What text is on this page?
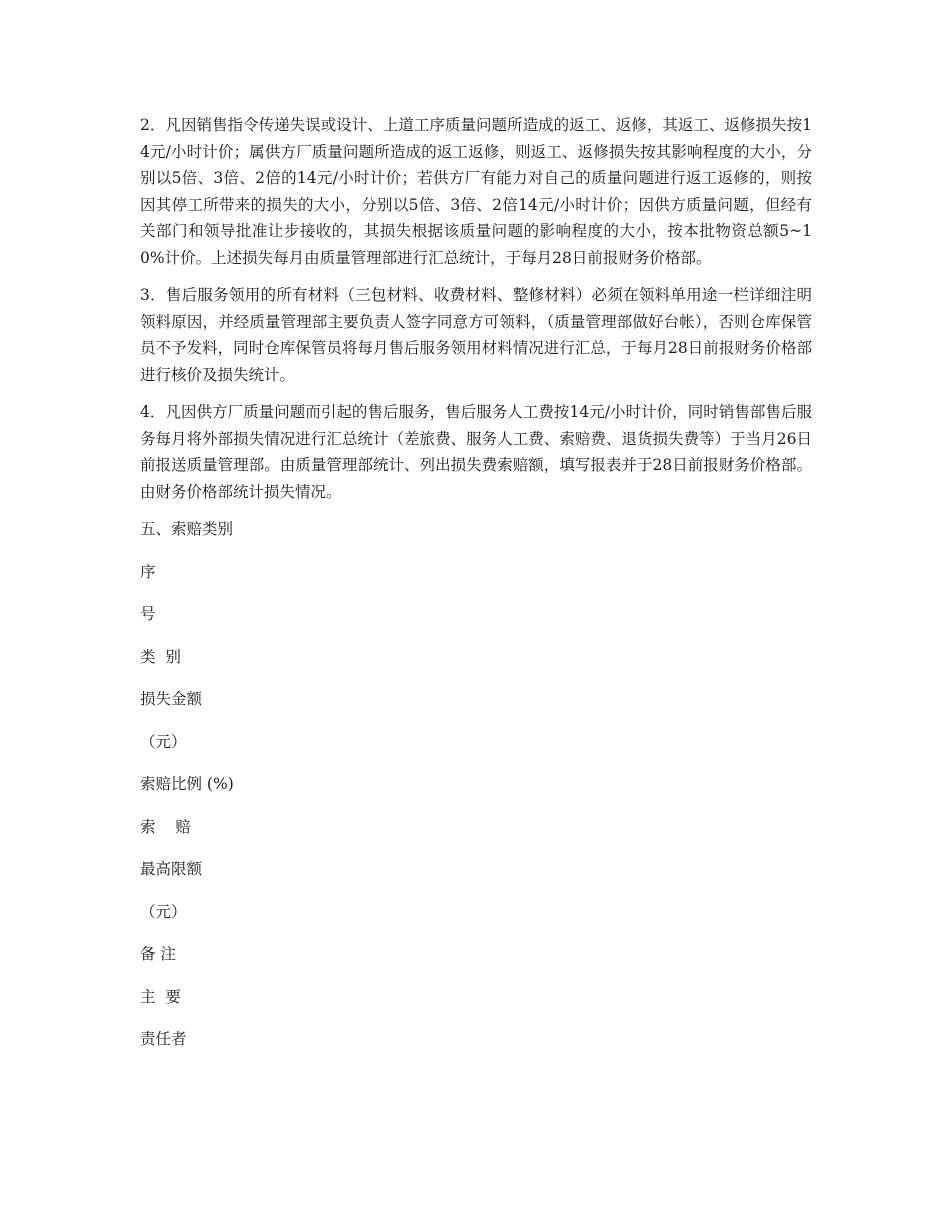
2．凡因销售指令传递失误或设计、上道工序质量问题所造成的返工、返修，其返工、返修损失按14元/小时计价；属供方厂质量问题所造成的返工返修，则返工、返修损失按其影响程度的大小，分别以5倍、3倍、2倍的14元/小时计价；若供方厂有能力对自己的质量问题进行返工返修的，则按因其停工所带来的损失的大小，分别以5倍、3倍、2倍14元/小时计价；因供方质量问题，但经有关部门和领导批准让步接收的，其损失根据该质量问题的影响程度的大小，按本批物资总额5~10%计价。上述损失每月由质量管理部进行汇总统计，于每月28日前报财务价格部。

3．售后服务领用的所有材料（三包材料、收费材料、整修材料）必须在领料单用途一栏详细注明领料原因，并经质量管理部主要负责人签字同意方可领料，（质量管理部做好台帐），否则仓库保管员不予发料，同时仓库保管员将每月售后服务领用材料情况进行汇总，于每月28日前报财务价格部进行核价及损失统计。

4．凡因供方厂质量问题而引起的售后服务，售后服务人工费按14元/小时计价，同时销售部售后服务每月将外部损失情况进行汇总统计（差旅费、服务人工费、索赔费、退货损失费等）于当月26日前报送质量管理部。由质量管理部统计、列出损失费索赔额，填写报表并于28日前报财务价格部。由财务价格部统计损失情况。

五、索赔类别

序

号

类  别

损失金额

（元）

索赔比例 (%)

索    赔

最高限额

（元）

备 注

主  要

责任者
